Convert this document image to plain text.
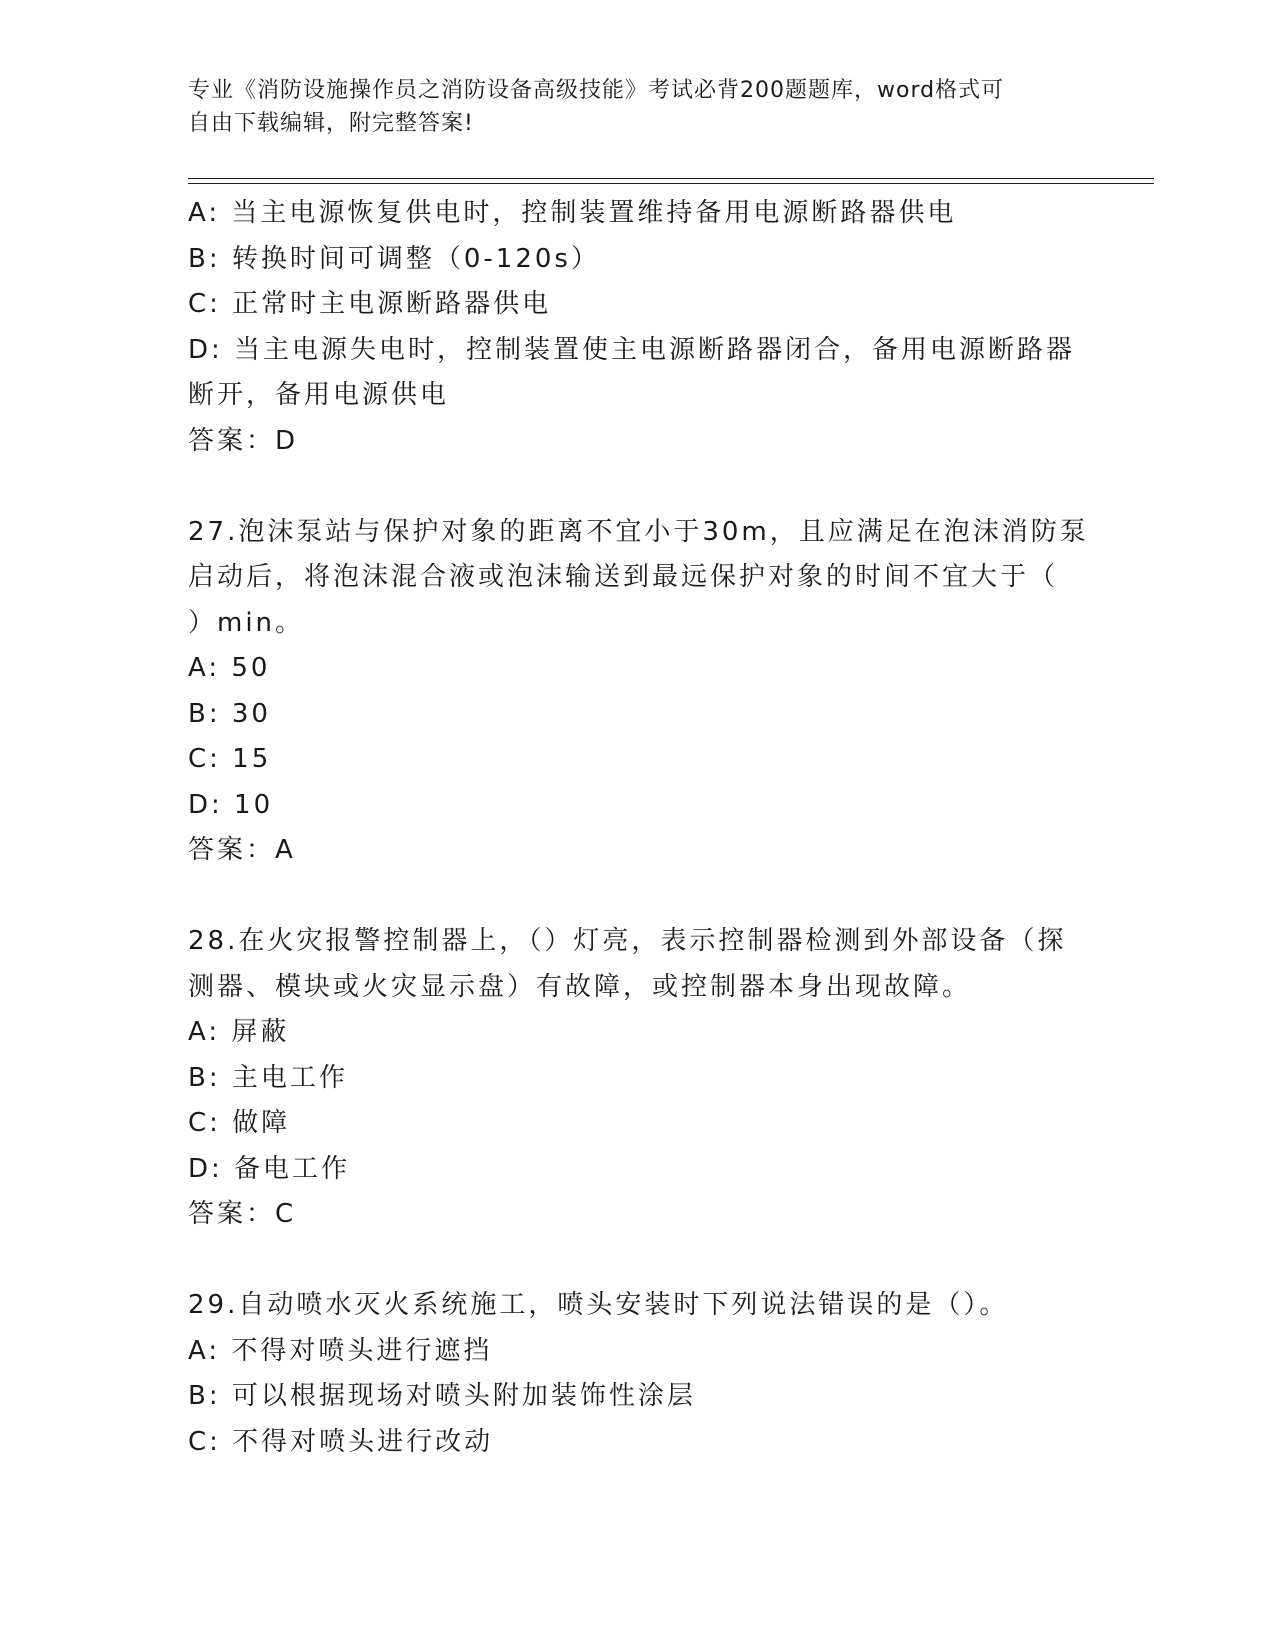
专业《消防设施操作员之消防设备高级技能》考试必背200题题库，word格式可
自由下载编辑，附完整答案!
A: 当主电源恢复供电时，控制装置维持备用电源断路器供电
B: 转换时间可调整（0-120s）
C: 正常时主电源断路器供电
D: 当主电源失电时，控制装置使主电源断路器闭合，备用电源断路器
断开，备用电源供电
答案：D
27.泡沫泵站与保护对象的距离不宜小于30m，且应满足在泡沫消防泵
启动后，将泡沫混合液或泡沫输送到最远保护对象的时间不宜大于（
）min。
A: 50
B: 30
C: 15
D: 10
答案：A
28.在火灾报警控制器上，（）灯亮，表示控制器检测到外部设备（探
测器、模块或火灾显示盘）有故障，或控制器本身出现故障。
A: 屏蔽
B: 主电工作
C: 做障
D: 备电工作
答案：C
29.自动喷水灭火系统施工，喷头安装时下列说法错误的是（）。
A: 不得对喷头进行遮挡
B: 可以根据现场对喷头附加装饰性涂层
C: 不得对喷头进行改动
